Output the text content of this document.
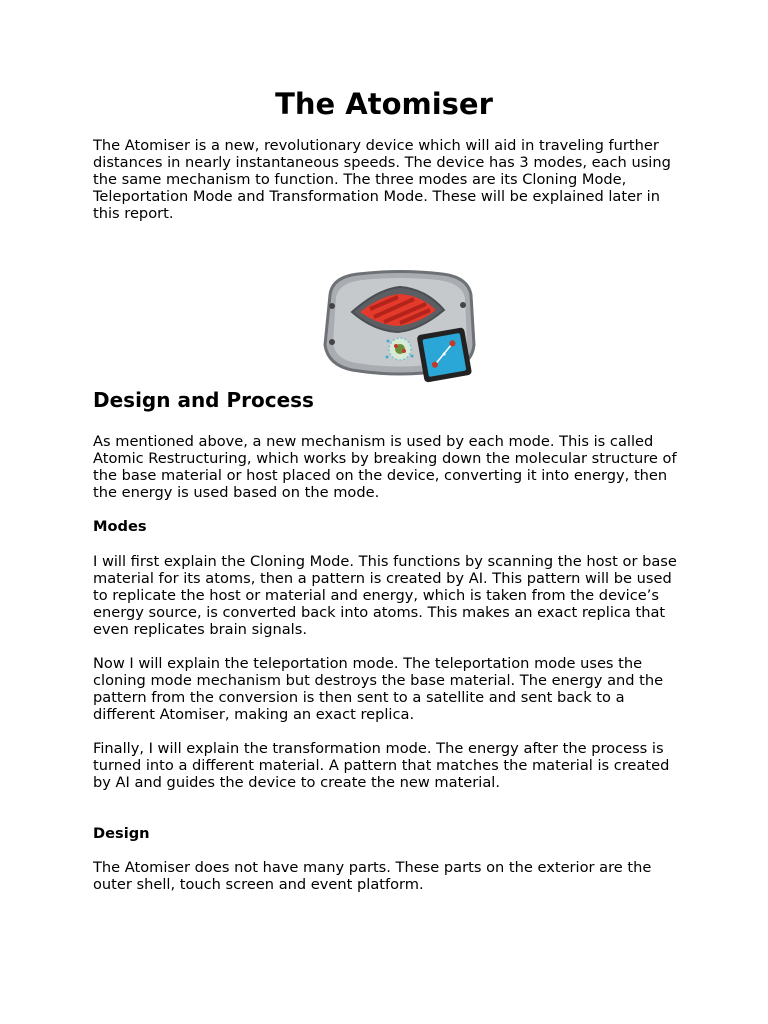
The Atomiser

The Atomiser is a new, revolutionary device which will aid in traveling further distances in nearly instantaneous speeds. The device has 3 modes, each using the same mechanism to function. The three modes are its Cloning Mode, Teleportation Mode and Transformation Mode. These will be explained later in this report.

Design and Process

As mentioned above, a new mechanism is used by each mode. This is called Atomic Restructuring, which works by breaking down the molecular structure of the base material or host placed on the device, converting it into energy, then the energy is used based on the mode.

Modes

I will first explain the Cloning Mode. This functions by scanning the host or base material for its atoms, then a pattern is created by AI. This pattern will be used to replicate the host or material and energy, which is taken from the device’s energy source, is converted back into atoms. This makes an exact replica that even replicates brain signals.

Now I will explain the teleportation mode. The teleportation mode uses the cloning mode mechanism but destroys the base material. The energy and the pattern from the conversion is then sent to a satellite and sent back to a different Atomiser, making an exact replica.

Finally, I will explain the transformation mode. The energy after the process is turned into a different material. A pattern that matches the material is created by AI and guides the device to create the new material.

Design

The Atomiser does not have many parts. These parts on the exterior are the outer shell, touch screen and event platform.
